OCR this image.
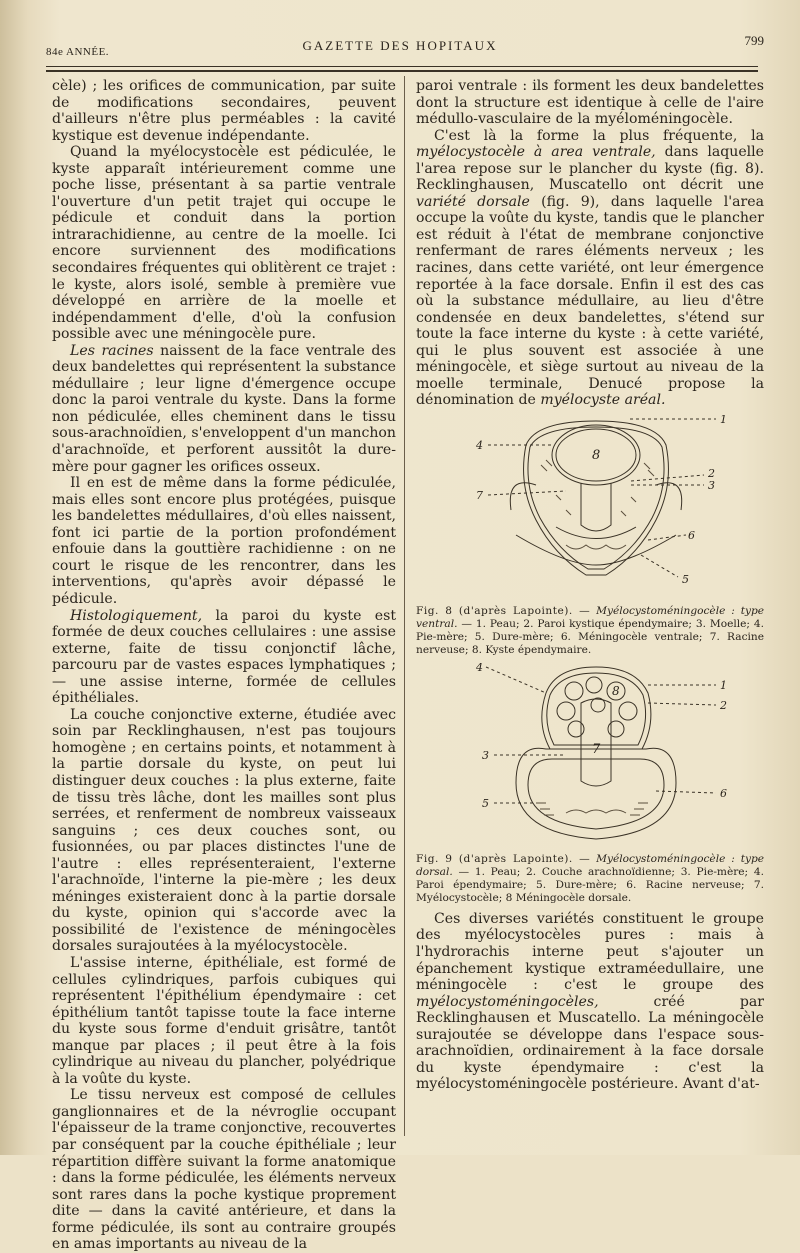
84e ANNÉE.	GAZETTE DES HOPITAUX	799

cèle) ; les orifices de communication, par suite de modifications secondaires, peuvent d'ailleurs n'être plus perméables : la cavité kystique est devenue indépendante.

Quand la myélocystocèle est pédiculée, le kyste apparaît intérieurement comme une poche lisse, présentant à sa partie ventrale l'ouverture d'un petit trajet qui occupe le pédicule et conduit dans la portion intrarachidienne, au centre de la moelle. Ici encore surviennent des modifications secondaires fréquentes qui oblitèrent ce trajet : le kyste, alors isolé, semble à première vue développé en arrière de la moelle et indépendamment d'elle, d'où la confusion possible avec une méningocèle pure.

Les racines naissent de la face ventrale des deux bandelettes qui représentent la substance médullaire ; leur ligne d'émergence occupe donc la paroi ventrale du kyste. Dans la forme non pédiculée, elles cheminent dans le tissu sous-arachnoïdien, s'enveloppent d'un manchon d'arachnoïde, et perforent aussitôt la dure-mère pour gagner les orifices osseux.

Il en est de même dans la forme pédiculée, mais elles sont encore plus protégées, puisque les bandelettes médullaires, d'où elles naissent, font ici partie de la portion profondément enfouie dans la gouttière rachidienne : on ne court le risque de les rencontrer, dans les interventions, qu'après avoir dépassé le pédicule.

Histologiquement, la paroi du kyste est formée de deux couches cellulaires : une assise externe, faite de tissu conjonctif lâche, parcouru par de vastes espaces lymphatiques ; — une assise interne, formée de cellules épithéliales.

La couche conjonctive externe, étudiée avec soin par Recklinghausen, n'est pas toujours homogène ; en certains points, et notamment à la partie dorsale du kyste, on peut lui distinguer deux couches : la plus externe, faite de tissu très lâche, dont les mailles sont plus serrées, et renferment de nombreux vaisseaux sanguins ; ces deux couches sont, ou fusionnées, ou par places distinctes l'une de l'autre : elles représenteraient, l'externe l'arachnoïde, l'interne la pie-mère ; les deux méninges existeraient donc à la partie dorsale du kyste, opinion qui s'accorde avec la possibilité de l'existence de méningocèles dorsales surajoutées à la myélocystocèle.

L'assise interne, épithéliale, est formé de cellules cylindriques, parfois cubiques qui représentent l'épithélium épendymaire : cet épithélium tantôt tapisse toute la face interne du kyste sous forme d'enduit grisâtre, tantôt manque par places ; il peut être à la fois cylindrique au niveau du plancher, polyédrique à la voûte du kyste.

Le tissu nerveux est composé de cellules ganglionnaires et de la névroglie occupant l'épaisseur de la trame conjonctive, recouvertes par conséquent par la couche épithéliale ; leur répartition diffère suivant la forme anatomique : dans la forme pédiculée, les éléments nerveux sont rares dans la poche kystique proprement dite — dans la cavité antérieure, et dans la forme pédiculée, ils sont au contraire groupés en amas importants au niveau de la

paroi ventrale : ils forment les deux bandelettes dont la structure est identique à celle de l'aire médullo-vasculaire de la myéloméningocèle.

C'est là la forme la plus fréquente, la myélocystocèle à area ventrale, dans laquelle l'area repose sur le plancher du kyste (fig. 8). Recklinghausen, Muscatello ont décrit une variété dorsale (fig. 9), dans laquelle l'area occupe la voûte du kyste, tandis que le plancher est réduit à l'état de membrane conjonctive renfermant de rares éléments nerveux ; les racines, dans cette variété, ont leur émergence reportée à la face dorsale. Enfin il est des cas où la substance médullaire, au lieu d'être condensée en deux bandelettes, s'étend sur toute la face interne du kyste : à cette variété, qui le plus souvent est associée à une méningocèle, et siège surtout au niveau de la moelle terminale, Denucé propose la dénomination de myélocyste aréal.

1
2
3
4
5
6
7
8
Fig. 8 (d'après Lapointe). — Myélocystoméningocèle : type ventral. — 1. Peau; 2. Paroi kystique épendymaire; 3. Moelle; 4. Pie-mère; 5. Dure-mère; 6. Méningocèle ventrale; 7. Racine nerveuse; 8. Kyste épendymaire.
4
1
2
3
5
6
7
8
Fig. 9 (d'après Lapointe). — Myélocystoméningocèle : type dorsal. — 1. Peau; 2. Couche arachnoïdienne; 3. Pie-mère; 4. Paroi épendymaire; 5. Dure-mère; 6. Racine nerveuse; 7. Myélocystocèle; 8 Méningocèle dorsale.

Ces diverses variétés constituent le groupe des myélocystocèles pures : mais à l'hydrorachis interne peut s'ajouter un épanchement kystique extraméedullaire, une méningocèle : c'est le groupe des myélocystoméningocèles,	créé par Recklinghausen et Muscatello. La méningocèle surajoutée se développe dans l'espace sous-arachnoïdien, ordinairement à la face dorsale du kyste épendymaire : c'est la myélocystoméningocèle postérieure. Avant d'at-
